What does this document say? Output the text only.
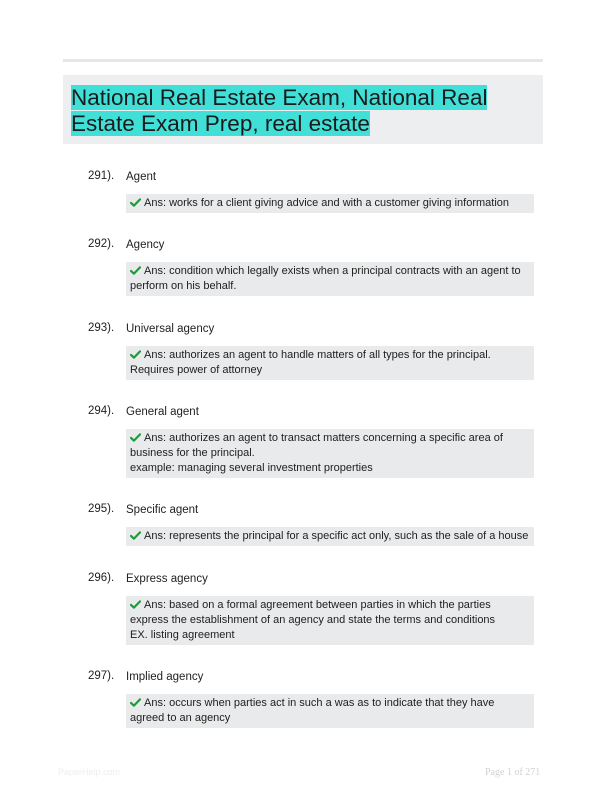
National Real Estate Exam, National Real Estate Exam Prep, real estate
291). Agent
Ans: works for a client giving advice and with a customer giving information
292). Agency
Ans: condition which legally exists when a principal contracts with an agent to perform on his behalf.
293). Universal agency
Ans: authorizes an agent to handle matters of all types for the principal. Requires power of attorney
294). General agent
Ans: authorizes an agent to transact matters concerning a specific area of business for the principal.
example: managing several investment properties
295). Specific agent
Ans: represents the principal for a specific act only, such as the sale of a house
296). Express agency
Ans: based on a formal agreement between parties in which the parties express the establishment of an agency and state the terms and conditions
EX. listing agreement
297). Implied agency
Ans: occurs when parties act in such a was as to indicate that they have agreed to an agency
PaperHelp.com	Page 1 of 271
